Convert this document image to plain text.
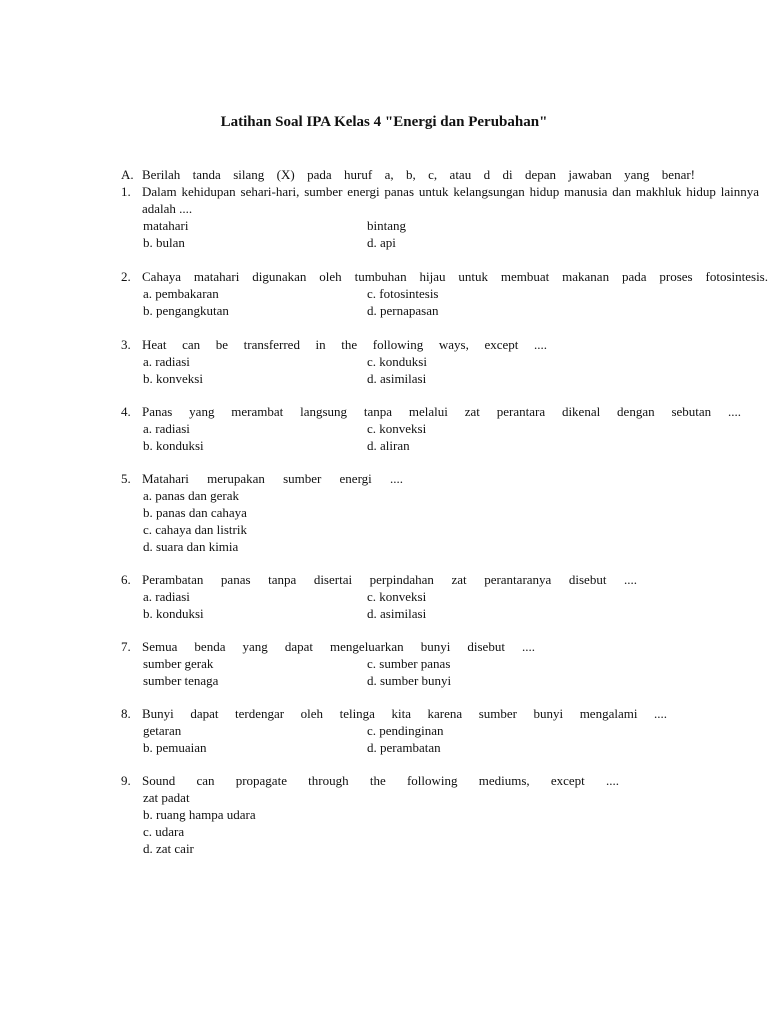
Latihan Soal IPA Kelas 4 "Energi dan Perubahan"
A. Berilah tanda silang (X) pada huruf a, b, c, atau d di depan jawaban yang benar!
1. Dalam kehidupan sehari-hari, sumber energi panas untuk kelangsungan hidup manusia dan makhluk hidup lainnya adalah ....
matahari	bintang
b. bulan	d. api
2. Cahaya matahari digunakan oleh tumbuhan hijau untuk membuat makanan pada proses fotosintesis.
a. pembakaran	c. fotosintesis
b. pengangkutan	d. pernapasan
3. Heat can be transferred in the following ways, except ....
a. radiasi	c. konduksi
b. konveksi	d. asimilasi
4. Panas yang merambat langsung tanpa melalui zat perantara dikenal dengan sebutan ....
a. radiasi	c. konveksi
b. konduksi	d. aliran
5. Matahari merupakan sumber energi ....
a. panas dan gerak
b. panas dan cahaya
c. cahaya dan listrik
d. suara dan kimia
6. Perambatan panas tanpa disertai perpindahan zat perantaranya disebut ....
a. radiasi	c. konveksi
b. konduksi	d. asimilasi
7. Semua benda yang dapat mengeluarkan bunyi disebut ....
sumber gerak	c. sumber panas
sumber tenaga	d. sumber bunyi
8. Bunyi dapat terdengar oleh telinga kita karena sumber bunyi mengalami ....
getaran	c. pendinginan
b. pemuaian	d. perambatan
9. Sound can propagate through the following mediums, except ....
zat padat
b. ruang hampa udara
c. udara
d. zat cair
